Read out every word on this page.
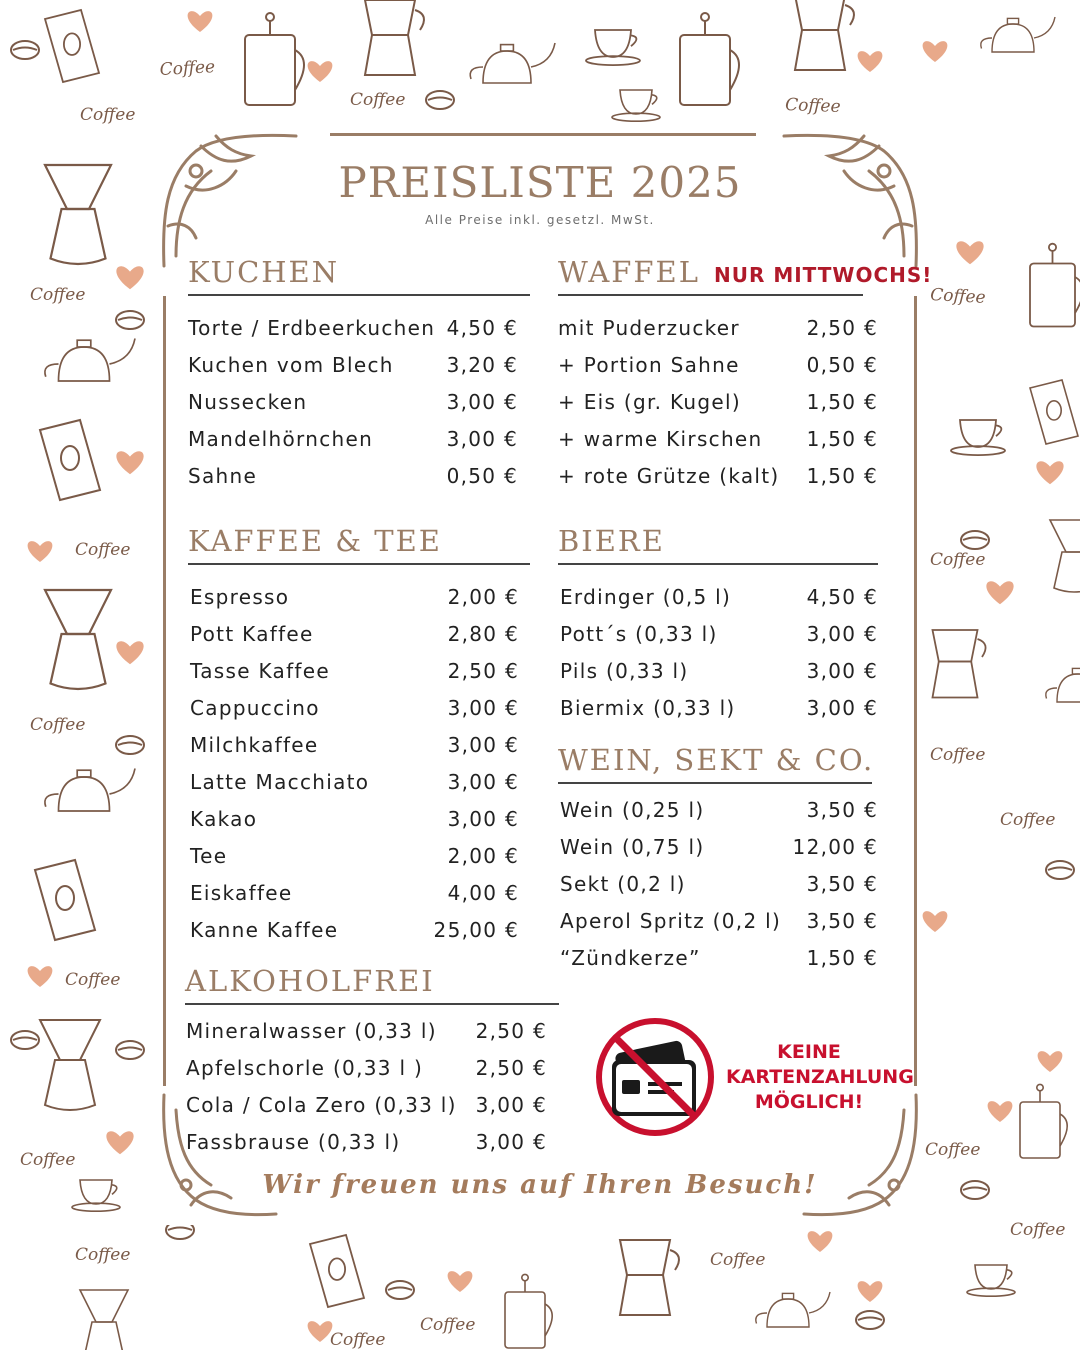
Coffee
Coffee	Coffee
Coffee
Coffee
Coffee
Coffee
Coffee
Coffee
Coffee
Coffee
Coffee
Coffee
Coffee
Coffee
Coffee
Coffee
Coffee
Coffee
PREISLISTE 2025
Alle Preise inkl. gesetzl. MwSt.
KUCHEN
Torte / Erdbeerkuchen 4,50 €
Kuchen vom Blech	3,20 €
Nussecken	3,00 €
Mandelhörnchen	3,00 €
Sahne	0,50 €
WAFFEL NUR MITTWOCHS!
mit Puderzucker	2,50 €
+ Portion Sahne	0,50 €
+ Eis (gr. Kugel)	1,50 €
+ warme Kirschen 1,50 €
+ rote Grütze (kalt) 1,50 €
KAFFEE & TEE
Espresso	2,00 €
Pott Kaffee	2,80 €
Tasse Kaffee	2,50 €
Cappuccino	3,00 €
Milchkaffee	3,00 €
Latte Macchiato	3,00 €
Kakao	3,00 €
Tee	2,00 €
Eiskaffee	4,00 €
Kanne Kaffee	25,00 €
BIERE
Erdinger (0,5 l)	4,50 €
Pott´s (0,33 l)	3,00 €
Pils (0,33 l)	3,00 €
Biermix (0,33 l)	3,00 €
WEIN, SEKT & CO.
Wein (0,25 l)	3,50 €
Wein (0,75 l)	12,00 €
Sekt (0,2 l)	3,50 €
Aperol Spritz (0,2 l) 3,50 €
“Zündkerze”	1,50 €
ALKOHOLFREI
Mineralwasser (0,33 l) 2,50 €
Apfelschorle (0,33 l )	2,50 €
Cola / Cola Zero (0,33 l) 3,00 €
Fassbrause (0,33 l)	3,00 €
KEINE
KARTENZAHLUNG
MÖGLICH!
Wir freuen uns auf Ihren Besuch!
